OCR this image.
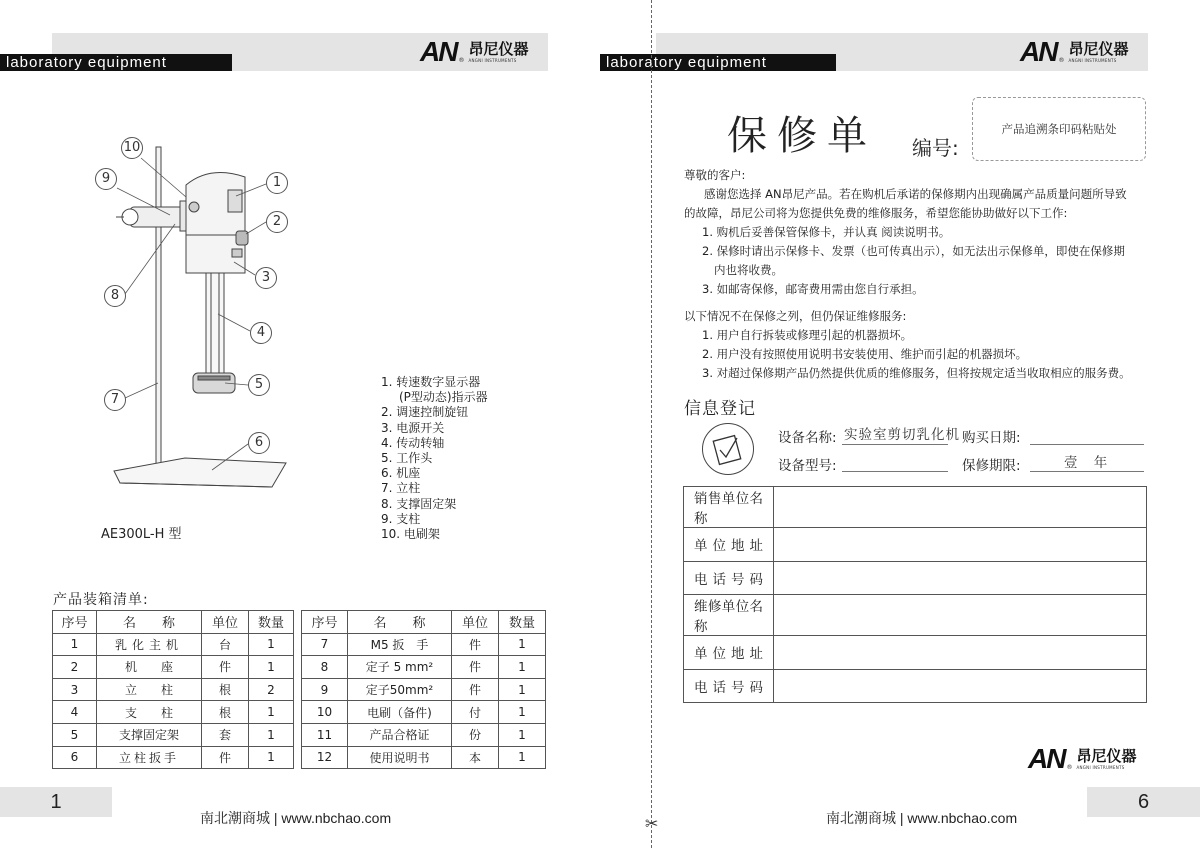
laboratory equipment	AN ®
昂尼仪器
ANGNI INSTRUMENTS	laboratory equipment	AN ®
昂尼仪器
ANGNI INSTRUMENTS
10
9	1
2
8
3
4
5
7
6
1. 转速数字显示器
(P型动态)指示器
2. 调速控制旋钮
3. 电源开关
4. 传动转轴
5. 工作头
6. 机座
7. 立柱
8. 支撑固定架
9. 支柱
10. 电刷架
AE300L-H 型
产品装箱清单:
序号	名　　称	单位	数量
1	乳化主机	台	1
2	机　　座	件	1
3	立　　柱	根	2
4	支　　柱	根	1
5	支撑固定架	套	1
6	立柱扳手	件	1
序号	名　　称	单位	数量
7	M5 扳　手	件	1
8	定子 5 mm²	件	1
9	定子50mm²	件	1
10	电刷（备件)	付	1
11	产品合格证	份	1
12	使用说明书	本	1
1
南北潮商城 | www.nbchao.com
保修单 编号:
产品追溯条印码粘贴处

尊敬的客户:

感谢您选择 AN昂尼产品。若在购机后承诺的保修期内出现确属产品质量问题所导致

的故障，昂尼公司将为您提供免费的维修服务，希望您能协助做好以下工作:

1. 购机后妥善保管保修卡，并认真 阅读说明书。

2. 保修时请出示保修卡、发票（也可传真出示），如无法出示保修单，即使在保修期

内也将收费。

3. 如邮寄保修，邮寄费用需由您自行承担。

以下情况不在保修之列，但仍保证维修服务:

1. 用户自行拆装或修理引起的机器损坏。

2. 用户没有按照使用说明书安装使用、维护而引起的机器损坏。

3. 对超过保修期产品仍然提供优质的维修服务，但将按规定适当收取相应的服务费。

信息登记
设备名称: 实验室剪切乳化机 购买日期:
设备型号:	保修期限:	壹 年
销售单位名称	
单位地址	
电话号码	
维修单位名称	
单位地址	
电话号码	
AN ®
昂尼仪器
ANGNI INSTRUMENTS
6
南北潮商城 | www.nbchao.com
✂
